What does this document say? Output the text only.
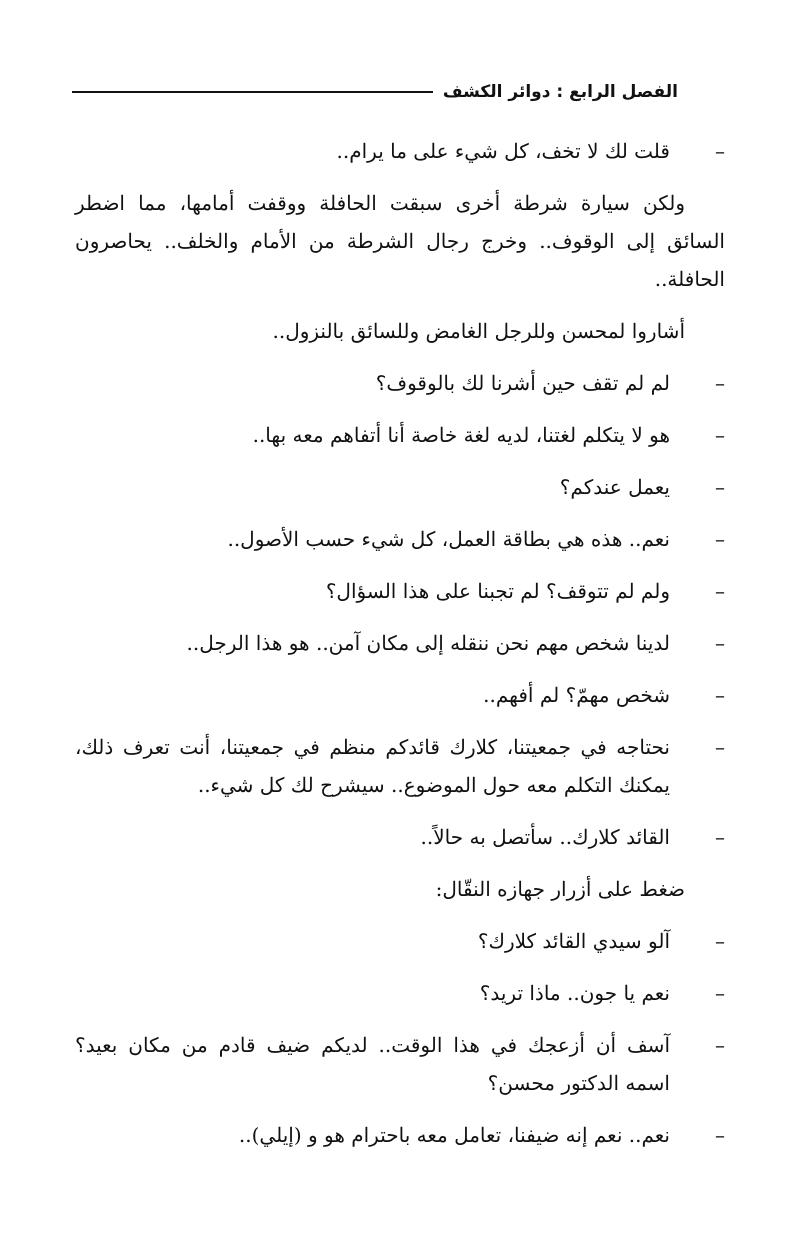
الفصل الرابع : دوائر الكشف
–
قلت لك لا تخف، كل شيء على ما يرام..
ولكن سيارة شرطة أخرى سبقت الحافلة ووقفت أمامها، مما اضطر السائق إلى الوقوف.. وخرج رجال الشرطة من الأمام والخلف.. يحاصرون الحافلة..
أشاروا لمحسن وللرجل الغامض وللسائق بالنزول..
–
لم لم تقف حين أشرنا لك بالوقوف؟
–
هو لا يتكلم لغتنا، لديه لغة خاصة أنا أتفاهم معه بها..
–
يعمل عندكم؟
–
نعم.. هذه هي بطاقة العمل، كل شيء حسب الأصول..
–
ولم لم تتوقف؟ لم تجبنا على هذا السؤال؟
–
لدينا شخص مهم نحن ننقله إلى مكان آمن.. هو هذا الرجل..
–
شخص مهمّ؟ لم أفهم..
–
نحتاجه في جمعيتنا، كلارك قائدكم منظم في جمعيتنا، أنت تعرف ذلك، يمكنك التكلم معه حول الموضوع.. سيشرح لك كل شيء..
–
القائد كلارك.. سأتصل به حالاً..
ضغط على أزرار جهازه النقّال:
–
آلو سيدي القائد كلارك؟
–
نعم يا جون.. ماذا تريد؟
–
آسف أن أزعجك في هذا الوقت.. لديكم ضيف قادم من مكان بعيد؟ اسمه الدكتور محسن؟
–
نعم.. نعم إنه ضيفنا، تعامل معه باحترام هو و (إيلي)..
